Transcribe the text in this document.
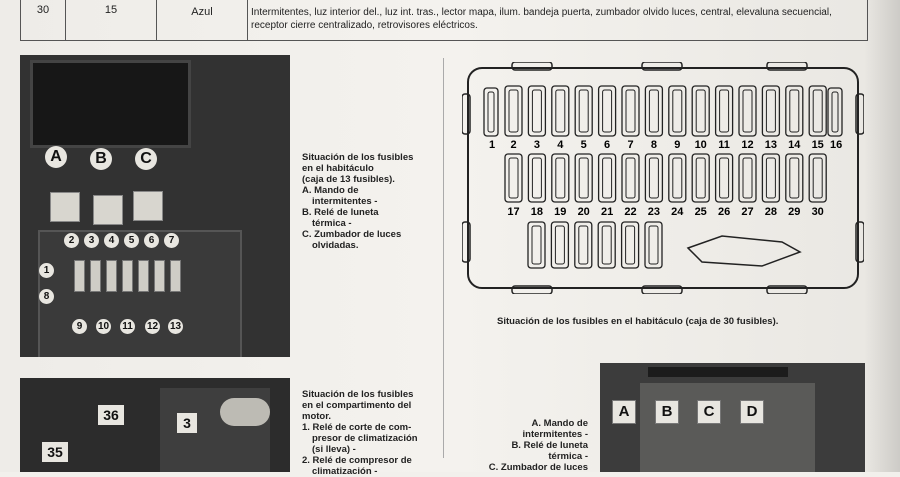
30	15	Azul	Intermitentes, luz interior del., luz int. tras., lector mapa, ilum. bandeja puerta, zumbador olvido luces, central, elevaluna secuencial, receptor cierre centralizado, retrovisores eléctricos.
A	B	C
1
2	3	4	5	6	7
8
9	10 11 12 13
Situación de los fusibles
en el habitáculo
(caja de 13 fusibles).
A. Mando de
intermitentes -
B. Relé de luneta
térmica -
C. Zumbador de luces
olvidadas.
1	16
2 3 4 5 6 7 8 9 10 11 12 13 14 15
17 18 19 20 21 22 23 24 25 26 27 28 29 30
Situación de los fusibles en el habitáculo (caja de 30 fusibles).
36
35
3
Situación de los fusibles
en el compartimento del
motor.
1. Relé de corte de com-
presor de climatización
(si lleva) -
2. Relé de compresor de
climatización -
A. Mando de
intermitentes -
B. Relé de luneta
térmica -
C. Zumbador de luces
A	B	C	D
